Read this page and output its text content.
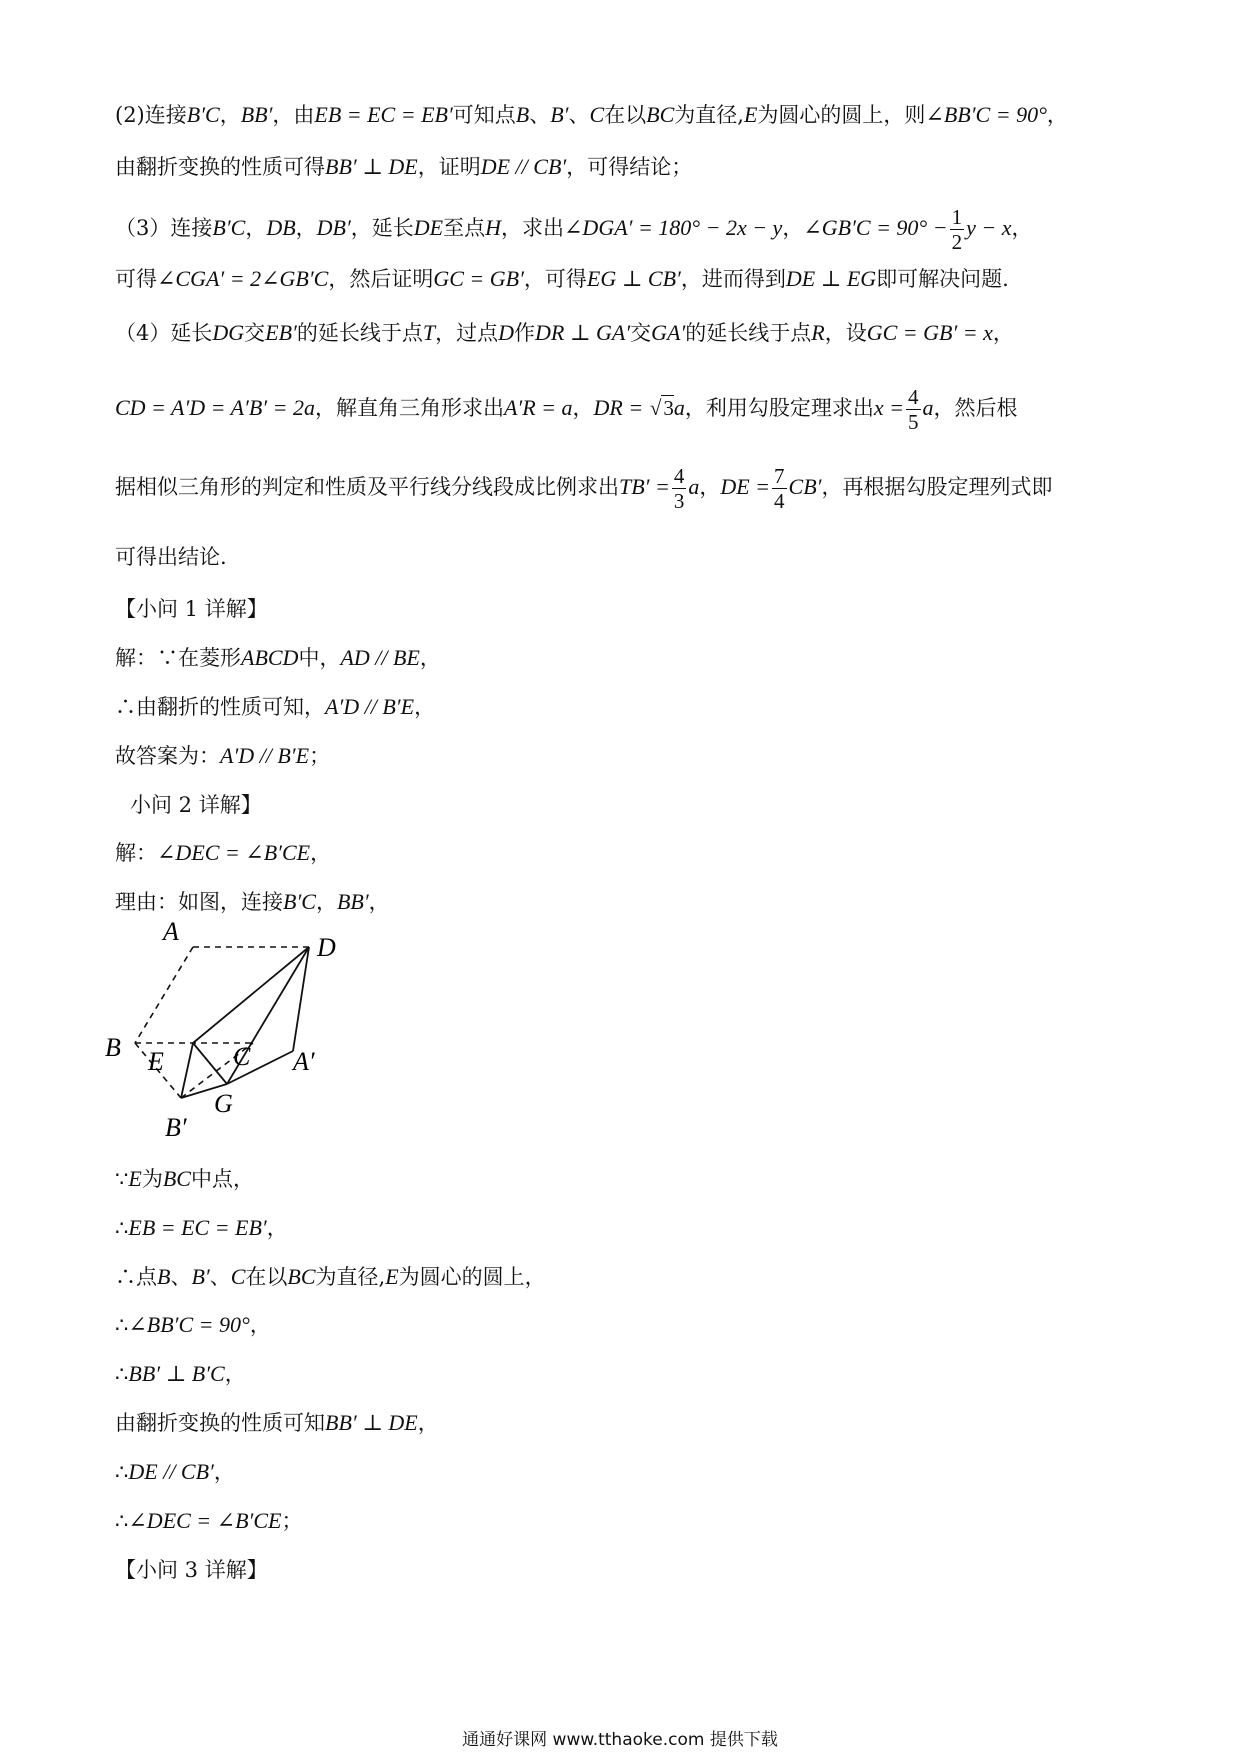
(2)连接B′C，BB′，由EB = EC = EB′可知点B、B′、C在以BC为直径,E为圆心的圆上，则∠BB′C = 90°，
由翻折变换的性质可得BB′ ⊥ DE，证明DE // CB′，可得结论；
（3）连接B′C，DB，DB′，延长DE至点H，求出∠DGA′ = 180° − 2x − y，∠GB′C = $90^\circ - \frac{1}{2}$ y − x，
可得∠CGA′ = 2∠GB′C，然后证明GC = GB′，可得EG ⊥ CB′，进而得到DE ⊥ EG即可解决问题.
（4）延长DG交EB′的延长线于点T，过点D作DR ⊥ GA′交GA′的延长线于点R，设GC = GB′ = x，
CD = A′D = A′B′ = 2a，解直角三角形求出A′R = a，DR = √3a，利用勾股定理求出$x = \frac{4}{5}$ a，然后根
据相似三角形的判定和性质及平行线分线段成比例求出$TB' = \frac{4}{3}$ a，DE = $\frac{7}{4} CB'$，再根据勾股定理列式即
可得出结论.
【小问 1 详解】
解：∵在菱形ABCD中，AD // BE，
∴由翻折的性质可知，A′D // B′E，
故答案为：A′D // B′E；
小问 2 详解】
解：∠DEC = ∠B′CE，
理由：如图，连接B′C，BB′，
A
D
B E	C A′
G
B′
∵E为BC中点，
∴EB = EC = EB′，
∴点B、B′、C在以BC为直径,E为圆心的圆上，
∴∠BB′C = 90°，
∴BB′ ⊥ B′C，
由翻折变换的性质可知BB′ ⊥ DE，
∴DE // CB′，
∴∠DEC = ∠B′CE；
【小问 3 详解】
通通好课网 www.tthaoke.com 提供下载
